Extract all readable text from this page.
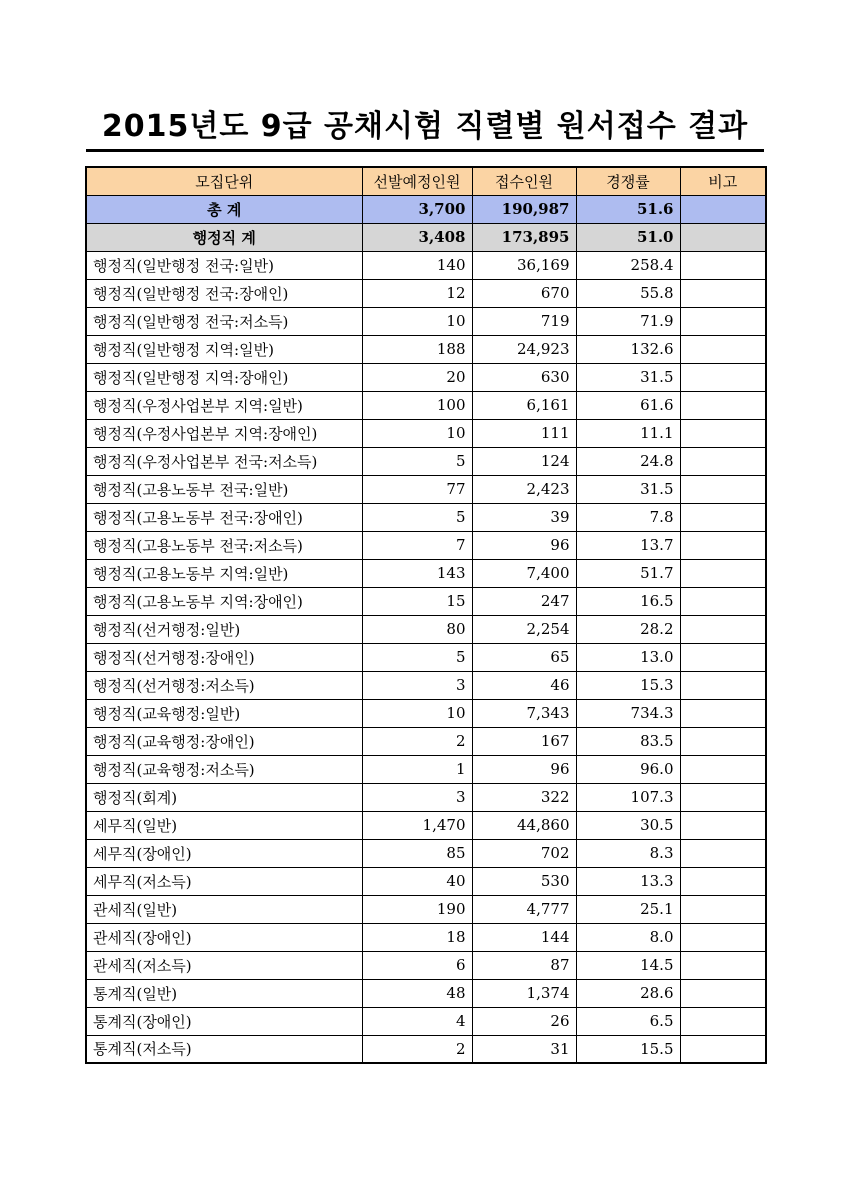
2015년도 9급 공채시험 직렬별 원서접수 결과
모집단위	선발예정인원	접수인원	경쟁률	비고
총 계	3,700	190,987	51.6	
행정직 계	3,408	173,895	51.0	
행정직(일반행정 전국:일반)	140	36,169	258.4	
행정직(일반행정 전국:장애인)	12	670	55.8	
행정직(일반행정 전국:저소득)	10	719	71.9	
행정직(일반행정 지역:일반)	188	24,923	132.6	
행정직(일반행정 지역:장애인)	20	630	31.5	
행정직(우정사업본부 지역:일반)	100	6,161	61.6	
행정직(우정사업본부 지역:장애인)	10	111	11.1	
행정직(우정사업본부 전국:저소득)	5	124	24.8	
행정직(고용노동부 전국:일반)	77	2,423	31.5	
행정직(고용노동부 전국:장애인)	5	39	7.8	
행정직(고용노동부 전국:저소득)	7	96	13.7	
행정직(고용노동부 지역:일반)	143	7,400	51.7	
행정직(고용노동부 지역:장애인)	15	247	16.5	
행정직(선거행정:일반)	80	2,254	28.2	
행정직(선거행정:장애인)	5	65	13.0	
행정직(선거행정:저소득)	3	46	15.3	
행정직(교육행정:일반)	10	7,343	734.3	
행정직(교육행정:장애인)	2	167	83.5	
행정직(교육행정:저소득)	1	96	96.0	
행정직(회계)	3	322	107.3	
세무직(일반)	1,470	44,860	30.5	
세무직(장애인)	85	702	8.3	
세무직(저소득)	40	530	13.3	
관세직(일반)	190	4,777	25.1	
관세직(장애인)	18	144	8.0	
관세직(저소득)	6	87	14.5	
통계직(일반)	48	1,374	28.6	
통계직(장애인)	4	26	6.5	
통계직(저소득)	2	31	15.5	
